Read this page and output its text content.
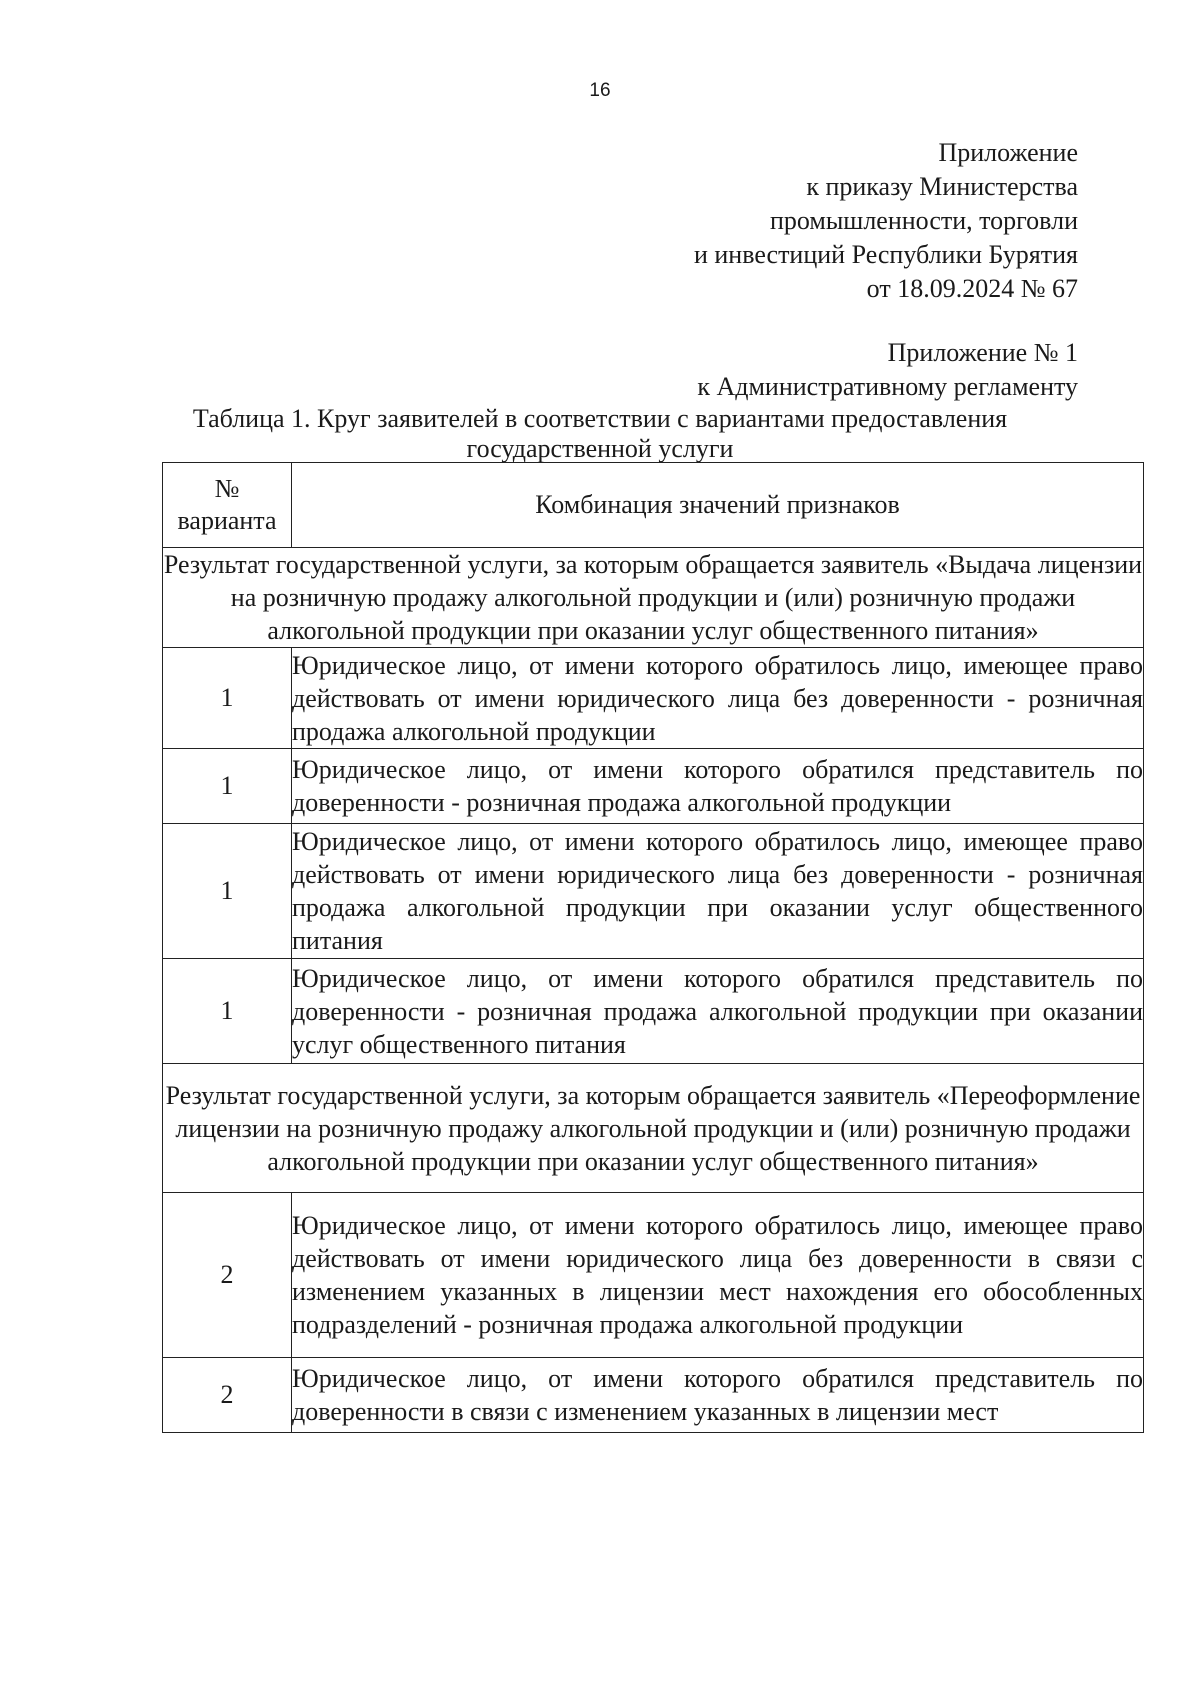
16
Приложение
к приказу Министерства
промышленности, торговли
и инвестиций Республики Бурятия
от 18.09.2024 № 67
Приложение № 1
к Административному регламенту
Таблица 1. Круг заявителей в соответствии с вариантами предоставления
государственной услуги
№
варианта	Комбинация значений признаков
Результат государственной услуги, за которым обращается заявитель «Выдача лицензии на розничную продажу алкогольной продукции и (или) розничную продажи алкогольной продукции при оказании услуг общественного питания»	
1	Юридическое лицо, от имени которого обратилось лицо, имеющее право действовать от имени юридического лица без доверенности - розничная продажа алкогольной продукции
1	Юридическое лицо, от имени которого обратился представитель по доверенности - розничная продажа алкогольной продукции
1	Юридическое лицо, от имени которого обратилось лицо, имеющее право действовать от имени юридического лица без доверенности - розничная продажа алкогольной продукции при оказании услуг общественного питания
1	Юридическое лицо, от имени которого обратился представитель по доверенности - розничная продажа алкогольной продукции при оказании услуг общественного питания
Результат государственной услуги, за которым обращается заявитель «Переоформление лицензии на розничную продажу алкогольной продукции и (или) розничную продажи алкогольной продукции при оказании услуг общественного питания»	
2	Юридическое лицо, от имени которого обратилось лицо, имеющее право действовать от имени юридического лица без доверенности в связи с изменением указанных в лицензии мест нахождения его обособленных подразделений - розничная продажа алкогольной продукции
2	Юридическое лицо, от имени которого обратился представитель по доверенности в связи с изменением указанных в лицензии мест
